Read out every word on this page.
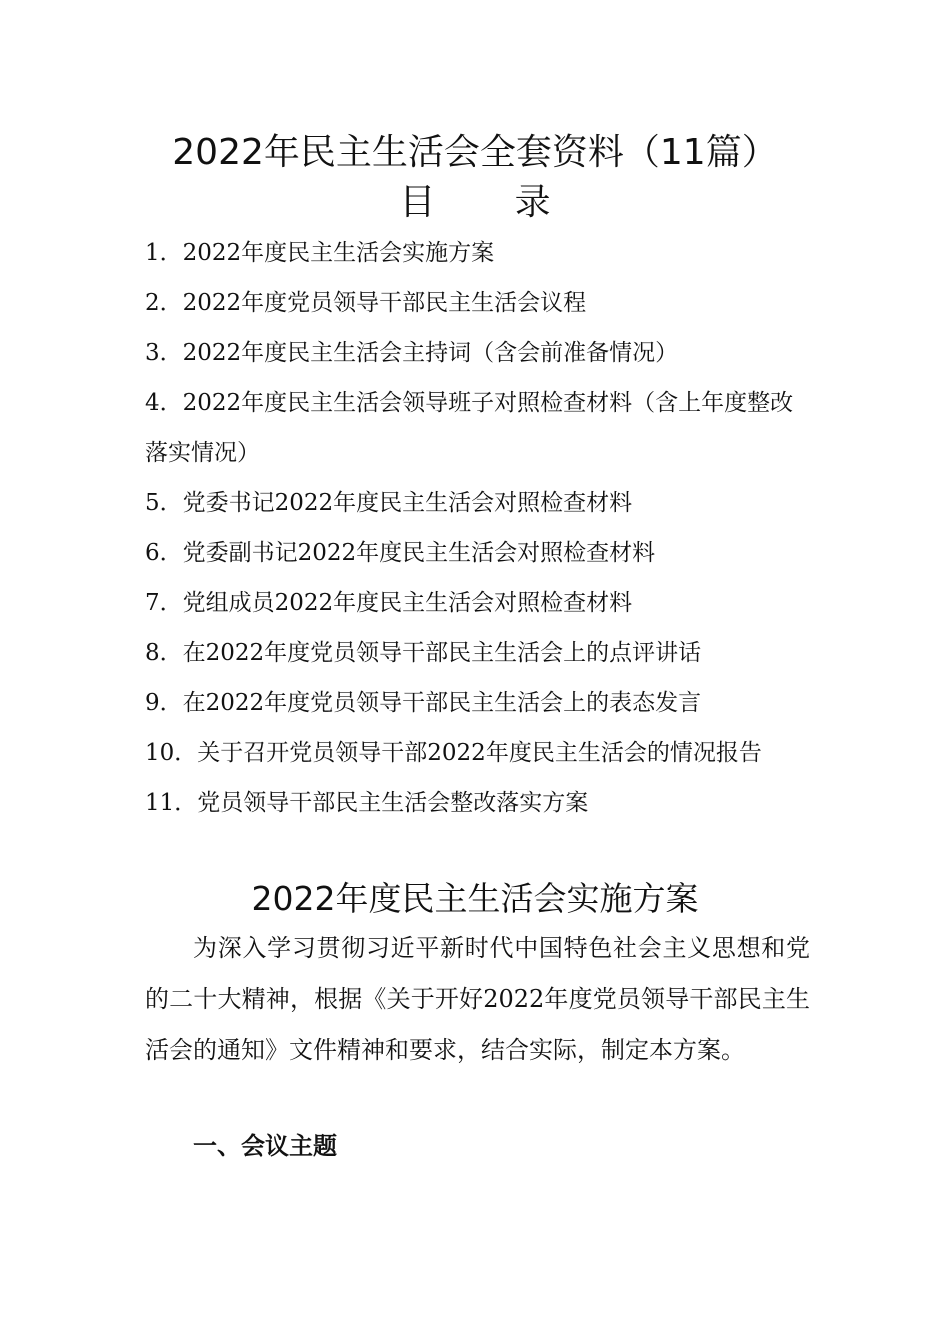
2022年民主生活会全套资料（11篇）
目录
1．2022年度民主生活会实施方案
2．2022年度党员领导干部民主生活会议程
3．2022年度民主生活会主持词（含会前准备情况）
4．2022年度民主生活会领导班子对照检查材料（含上年度整改落实情况）
5．党委书记2022年度民主生活会对照检查材料
6．党委副书记2022年度民主生活会对照检查材料
7．党组成员2022年度民主生活会对照检查材料
8．在2022年度党员领导干部民主生活会上的点评讲话
9．在2022年度党员领导干部民主生活会上的表态发言
10．关于召开党员领导干部2022年度民主生活会的情况报告
11．党员领导干部民主生活会整改落实方案
2022年度民主生活会实施方案

为深入学习贯彻习近平新时代中国特色社会主义思想和党的二十大精神，根据《关于开好2022年度党员领导干部民主生活会的通知》文件精神和要求，结合实际，制定本方案。

一、会议主题
